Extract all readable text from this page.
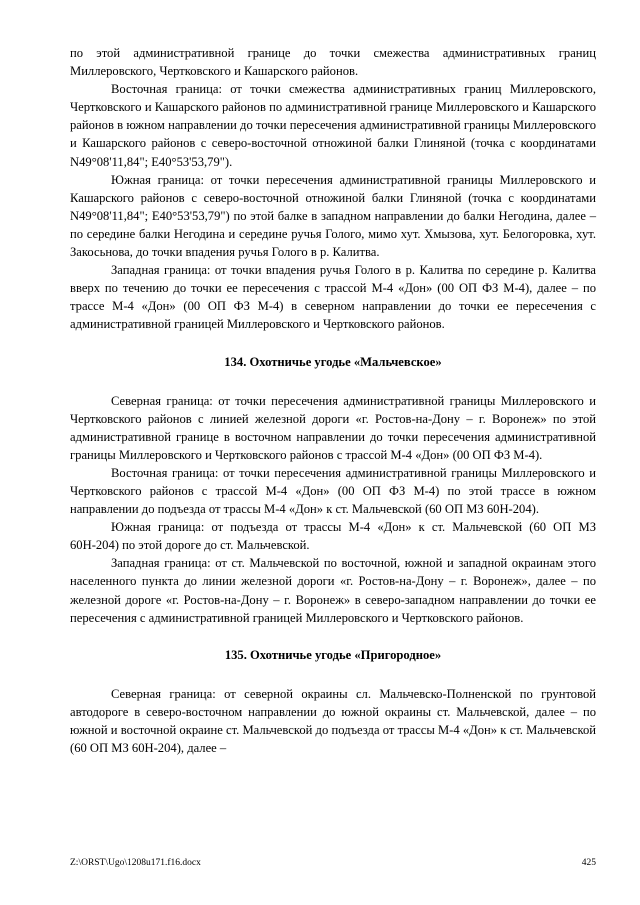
по этой административной границе до точки смежества административных границ Миллеровского, Чертковского и Кашарского районов.

Восточная граница: от точки смежества административных границ Миллеровского, Чертковского и Кашарского районов по административной границе Миллеровского и Кашарского районов в южном направлении до точки пересечения административной границы Миллеровского и Кашарского районов с северо-восточной отножиной балки Глиняной (точка с координатами N49°08'11,84"; E40°53'53,79").

Южная граница: от точки пересечения административной границы Миллеровского и Кашарского районов с северо-восточной отножиной балки Глиняной (точка с координатами N49°08'11,84"; E40°53'53,79") по этой балке в западном направлении до балки Негодина, далее – по середине балки Негодина и середине ручья Голого, мимо хут. Хмызова, хут. Белогоровка, хут. Закосьнова, до точки впадения ручья Голого в р. Калитва.

Западная граница: от точки впадения ручья Голого в р. Калитва по середине р. Калитва вверх по течению до точки ее пересечения с трассой М-4 «Дон» (00 ОП ФЗ М-4), далее – по трассе М-4 «Дон» (00 ОП ФЗ М-4) в северном направлении до точки ее пересечения с административной границей Миллеровского и Чертковского районов.

134. Охотничье угодье «Мальчевское»

Северная граница: от точки пересечения административной границы Миллеровского и Чертковского районов с линией железной дороги «г. Ростов-на-Дону – г. Воронеж» по этой административной границе в восточном направлении до точки пересечения административной границы Миллеровского и Чертковского районов с трассой М-4 «Дон» (00 ОП ФЗ М-4).

Восточная граница: от точки пересечения административной границы Миллеровского и Чертковского районов с трассой М-4 «Дон» (00 ОП ФЗ М-4) по этой трассе в южном направлении до подъезда от трассы М-4 «Дон» к ст. Мальчевской (60 ОП МЗ 60Н-204).

Южная граница: от подъезда от трассы М-4 «Дон» к ст. Мальчевской (60 ОП МЗ 60Н-204) по этой дороге до ст. Мальчевской.

Западная граница: от ст. Мальчевской по восточной, южной и западной окраинам этого населенного пункта до линии железной дороги «г. Ростов-на-Дону – г. Воронеж», далее – по железной дороге «г. Ростов-на-Дону – г. Воронеж» в северо-западном направлении до точки ее пересечения с административной границей Миллеровского и Чертковского районов.

135. Охотничье угодье «Пригородное»

Северная граница: от северной окраины сл. Мальчевско-Полненской по грунтовой автодороге в северо-восточном направлении до южной окраины ст. Мальчевской, далее – по южной и восточной окраине ст. Мальчевской до подъезда от трассы М-4 «Дон» к ст. Мальчевской (60 ОП МЗ 60Н-204), далее –

Z:\ORST\Ugo\1208u171.f16.docx	425
